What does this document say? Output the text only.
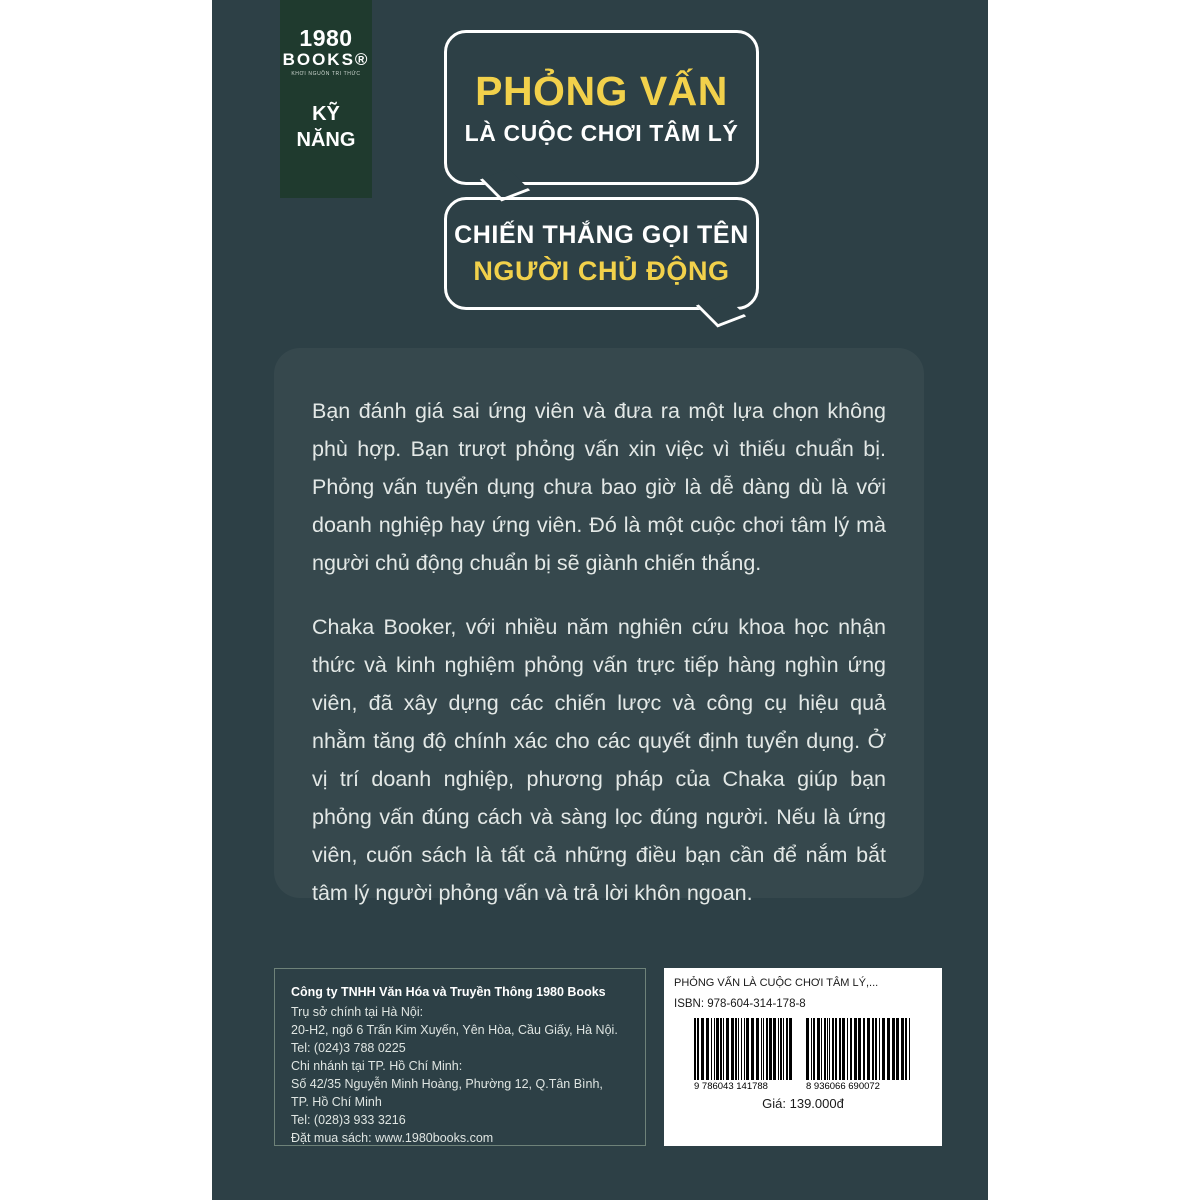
1980
BOOKS®
KHƠI NGUỒN TRI THỨC
KỸ
NĂNG
PHỎNG VẤN
LÀ CUỘC CHƠI TÂM LÝ
CHIẾN THẮNG GỌI TÊN
NGƯỜI CHỦ ĐỘNG

Bạn đánh giá sai ứng viên và đưa ra một lựa chọn không phù hợp. Bạn trượt phỏng vấn xin việc vì thiếu chuẩn bị. Phỏng vấn tuyển dụng chưa bao giờ là dễ dàng dù là với doanh nghiệp hay ứng viên. Đó là một cuộc chơi tâm lý mà người chủ động chuẩn bị sẽ giành chiến thắng.

Chaka Booker, với nhiều năm nghiên cứu khoa học nhận thức và kinh nghiệm phỏng vấn trực tiếp hàng nghìn ứng viên, đã xây dựng các chiến lược và công cụ hiệu quả nhằm tăng độ chính xác cho các quyết định tuyển dụng. Ở vị trí doanh nghiệp, phương pháp của Chaka giúp bạn phỏng vấn đúng cách và sàng lọc đúng người. Nếu là ứng viên, cuốn sách là tất cả những điều bạn cần để nắm bắt tâm lý người phỏng vấn và trả lời khôn ngoan.

Công ty TNHH Văn Hóa và Truyền Thông 1980 Books
Trụ sở chính tại Hà Nội:
20-H2, ngõ 6 Trấn Kim Xuyến, Yên Hòa, Cầu Giấy, Hà Nội.
Tel: (024)3 788 0225
Chi nhánh tại TP. Hồ Chí Minh:
Số 42/35 Nguyễn Minh Hoàng, Phường 12, Q.Tân Bình,
TP. Hồ Chí Minh
Tel: (028)3 933 3216
Đặt mua sách: www.1980books.com
PHỎNG VẤN LÀ CUỘC CHƠI TÂM LÝ,...
ISBN: 978-604-314-178-8
9 786043 141788	8 936066 690072
Giá: 139.000đ
